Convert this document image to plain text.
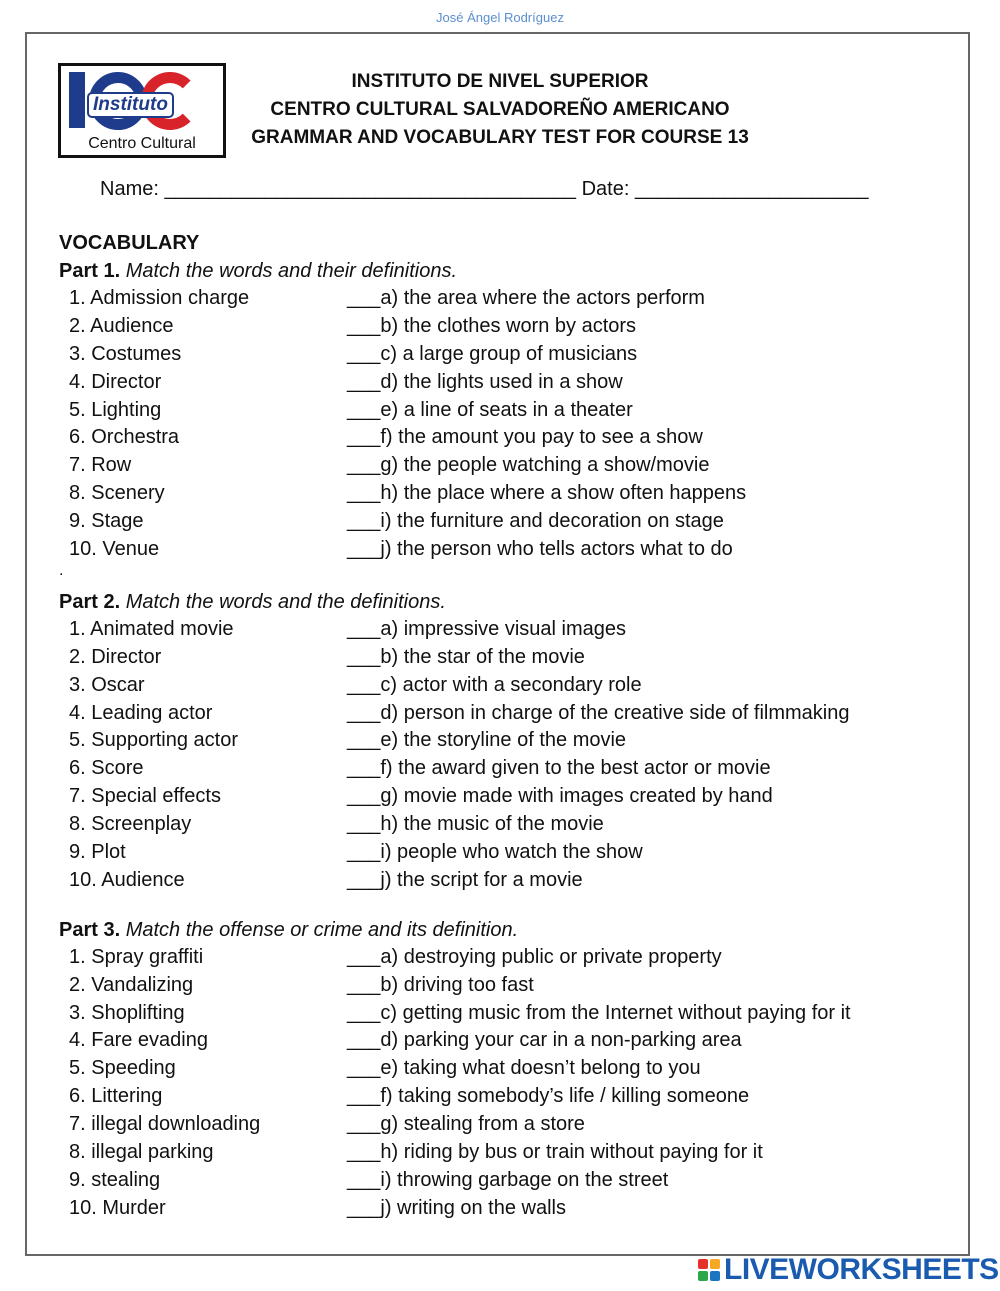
José Ángel Rodríguez
Instituto
Centro Cultural
INSTITUTO DE NIVEL SUPERIOR
CENTRO CULTURAL SALVADOREÑO AMERICANO
GRAMMAR AND VOCABULARY TEST FOR COURSE 13
Name: _____________________________________ Date: _____________________
VOCABULARY
Part 1. Match the words and their definitions.
1. Admission charge	___a) the area where the actors perform
2. Audience	___b) the clothes worn by actors
3. Costumes	___c) a large group of musicians
4. Director	___d) the lights used in a show
5. Lighting	___e) a line of seats in a theater
6. Orchestra	___f) the amount you pay to see a show
7. Row	___g) the people watching a show/movie
8. Scenery	___h) the place where a show often happens
9. Stage	___i) the furniture and decoration on stage
10. Venue	___j) the person who tells actors what to do
.
Part 2. Match the words and the definitions.
1. Animated movie	___a) impressive visual images
2. Director	___b) the star of the movie
3. Oscar	___c) actor with a secondary role
4. Leading actor	___d) person in charge of the creative side of filmmaking
5. Supporting actor	___e) the storyline of the movie
6. Score	___f) the award given to the best actor or movie
7. Special effects	___g) movie made with images created by hand
8. Screenplay	___h) the music of the movie
9. Plot	___i) people who watch the show
10. Audience	___j) the script for a movie
Part 3. Match the offense or crime and its definition.
1. Spray graffiti	___a) destroying public or private property
2. Vandalizing	___b) driving too fast
3. Shoplifting	___c) getting music from the Internet without paying for it
4. Fare evading	___d) parking your car in a non-parking area
5. Speeding	___e) taking what doesn’t belong to you
6. Littering	___f) taking somebody’s life / killing someone
7. illegal downloading	___g) stealing from a store
8. illegal parking	___h) riding by bus or train without paying for it
9. stealing	___i) throwing garbage on the street
10. Murder	___j) writing on the walls
LIVEWORKSHEETS
